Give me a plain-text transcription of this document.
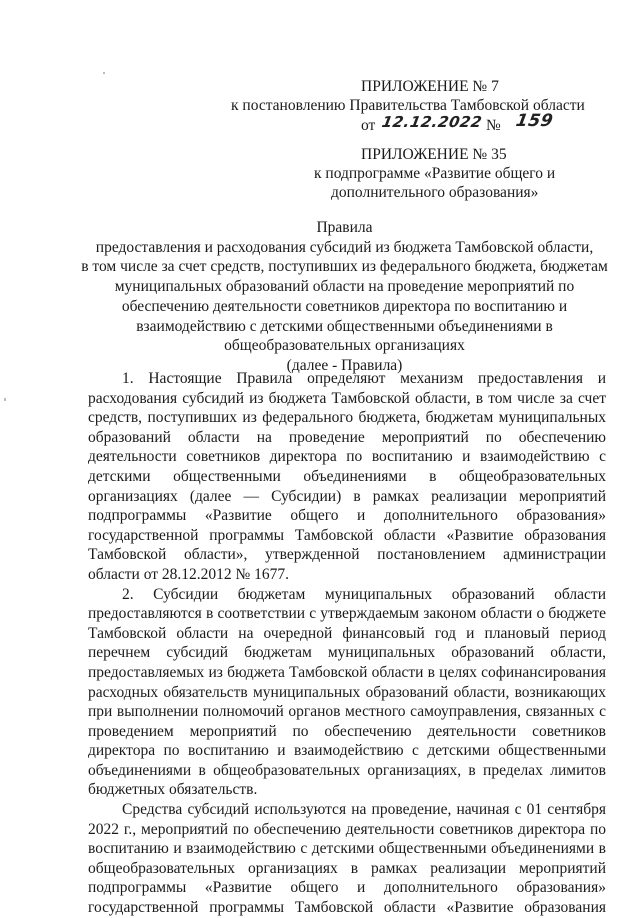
ПРИЛОЖЕНИЕ № 7
к постановлению Правительства Тамбовской области
от 12.12.2022 № 159
ПРИЛОЖЕНИЕ № 35
к подпрограмме «Развитие общего и
дополнительного образования»
Правила
предоставления и расходования субсидий из бюджета Тамбовской области,
в том числе за счет средств, поступивших из федерального бюджета, бюджетам
муниципальных образований области на проведение мероприятий по
обеспечению деятельности советников директора по воспитанию и
взаимодействию с детскими общественными объединениями в
общеобразовательных организациях
(далее - Правила)

1. Настоящие Правила определяют механизм предоставления и расходования субсидий из бюджета Тамбовской области, в том числе за счет средств, поступивших из федерального бюджета, бюджетам муниципальных образований области на проведение мероприятий по обеспечению деятельности советников директора по воспитанию и взаимодействию с детскими общественными объединениями в общеобразовательных организациях (далее — Субсидии) в рамках реализации мероприятий подпрограммы «Развитие общего и дополнительного образования» государственной программы Тамбовской области «Развитие образования Тамбовской области», утвержденной постановлением администрации области от 28.12.2012 № 1677.

2. Субсидии бюджетам муниципальных образований области предоставляются в соответствии с утверждаемым законом области о бюджете Тамбовской области на очередной финансовый год и плановый период перечнем субсидий бюджетам муниципальных образований области, предоставляемых из бюджета Тамбовской области в целях софинансирования расходных обязательств муниципальных образований области, возникающих при выполнении полномочий органов местного самоуправления, связанных с проведением мероприятий по обеспечению деятельности советников директора по воспитанию и взаимодействию с детскими общественными объединениями в общеобразовательных организациях, в пределах лимитов бюджетных обязательств.

Средства субсидий используются на проведение, начиная с 01 сентября 2022 г., мероприятий по обеспечению деятельности советников директора по воспитанию и взаимодействию с детскими общественными объединениями в общеобразовательных организациях в рамках реализации мероприятий подпрограммы «Развитие общего и дополнительного образования» государственной программы Тамбовской области «Развитие образования
